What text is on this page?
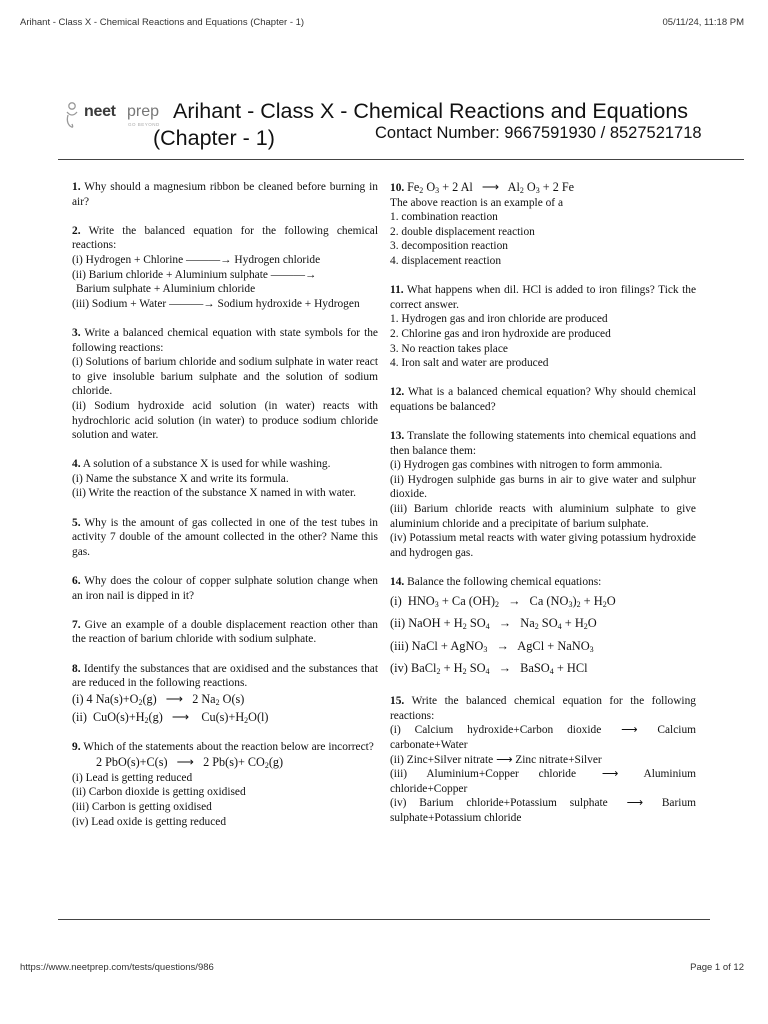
Arihant - Class X - Chemical Reactions and Equations (Chapter - 1)	05/11/24, 11:18 PM
neet prep
GO BEYOND
Arihant - Class X - Chemical Reactions and Equations
(Chapter - 1)	Contact Number: 9667591930 / 8527521718
1. Why should a magnesium ribbon be cleaned before burning in air?
2. Write the balanced equation for the following chemical reactions:
(i) Hydrogen + Chlorine ———→ Hydrogen chloride
(ii) Barium chloride + Aluminium sulphate ———→
Barium sulphate + Aluminium chloride
(iii) Sodium + Water ———→ Sodium hydroxide + Hydrogen
3. Write a balanced chemical equation with state symbols for the following reactions:
(i) Solutions of barium chloride and sodium sulphate in water react to give insoluble barium sulphate and the solution of sodium chloride.
(ii) Sodium hydroxide acid solution (in water) reacts with hydrochloric acid solution (in water) to produce sodium chloride solution and water.
4. A solution of a substance X is used for while washing.
(i) Name the substance X and write its formula.
(ii) Write the reaction of the substance X named in with water.
5. Why is the amount of gas collected in one of the test tubes in activity 7 double of the amount collected in the other? Name this gas.
6. Why does the colour of copper sulphate solution change when an iron nail is dipped in it?
7. Give an example of a double displacement reaction other than the reaction of barium chloride with sodium sulphate.
8. Identify the substances that are oxidised and the substances that are reduced in the following reactions.
(i) 4 $Na(s)+O_2(g)$ ⟶ 2 $Na_2$ O(s)
(ii)  $CuO(s)+H_2(g)$ ⟶  $Cu(s)+H_2O(l)$
9. Which of the statements about the reaction below are incorrect?
2 PbO(s)+C(s) ⟶ 2 $Pb(s)+ CO_2(g)$
(i) Lead is getting reduced
(ii) Carbon dioxide is getting oxidised
(iii) Carbon is getting oxidised
(iv) Lead oxide is getting reduced
10. $Fe_2$ $O_3 + 2$ Al ⟶ $Al_2$ $O_3 + 2$ Fe
The above reaction is an example of a
1. combination reaction
2. double displacement reaction
3. decomposition reaction
4. displacement reaction
11. What happens when dil. HCl is added to iron filings? Tick the correct answer.
1. Hydrogen gas and iron chloride are produced
2. Chlorine gas and iron hydroxide are produced
3. No reaction takes place
4. Iron salt and water are produced
12. What is a balanced chemical equation? Why should chemical equations be balanced?
13. Translate the following statements into chemical equations and then balance them:
(i) Hydrogen gas combines with nitrogen to form ammonia.
(ii) Hydrogen sulphide gas burns in air to give water and sulphur dioxide.
(iii) Barium chloride reacts with aluminium sulphate to give aluminium chloride and a precipitate of barium sulphate.
(iv) Potassium metal reacts with water giving potassium hydroxide and hydrogen gas.
14. Balance the following chemical equations:
(i)  $HNO_3 + Ca$ $(OH)_2 \to Ca$ $(NO_3)_2 + H_2O$
(ii) NaOH + $H_2$ $SO_4 \to Na_2$ $SO_4 + H_2O$
(iii) NaCl + AgNO$_3$ → AgCl + NaNO$_3$
(iv) BaCl$_2$ + $H_2$ $SO_4$ → BaSO$_4$ + HCl
15. Write the balanced chemical equation for the following reactions:
(i) Calcium hydroxide+Carbon dioxide ⟶ Calcium carbonate+Water
(ii) Zinc+Silver nitrate ⟶ Zinc nitrate+Silver
(iii) Aluminium+Copper chloride ⟶ Aluminium chloride+Copper
(iv) Barium chloride+Potassium sulphate ⟶ Barium sulphate+Potassium chloride
https://www.neetprep.com/tests/questions/986	Page 1 of 12
